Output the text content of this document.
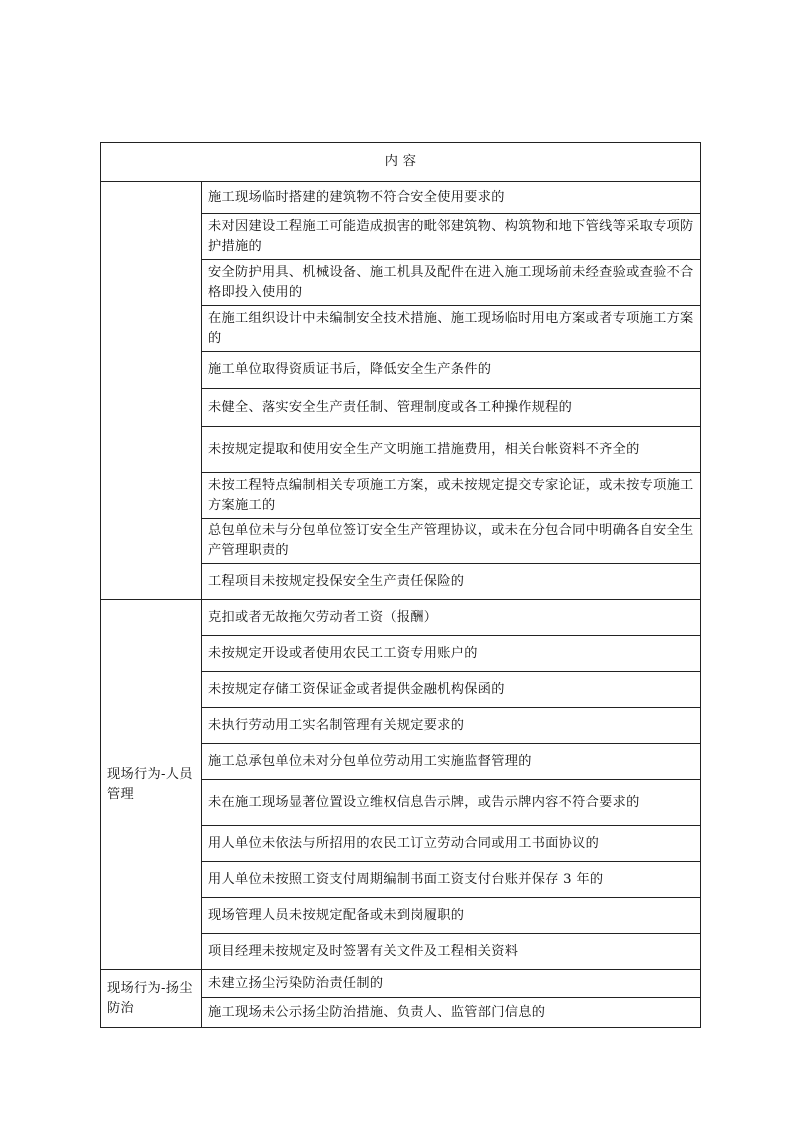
内 容	
	施工现场临时搭建的建筑物不符合安全使用要求的
	未对因建设工程施工可能造成损害的毗邻建筑物、构筑物和地下管线等采取专项防护措施的
	安全防护用具、机械设备、施工机具及配件在进入施工现场前未经查验或查验不合格即投入使用的
	在施工组织设计中未编制安全技术措施、施工现场临时用电方案或者专项施工方案的
	施工单位取得资质证书后，降低安全生产条件的
	未健全、落实安全生产责任制、管理制度或各工种操作规程的
	未按规定提取和使用安全生产文明施工措施费用，相关台帐资料不齐全的
	未按工程特点编制相关专项施工方案，或未按规定提交专家论证，或未按专项施工方案施工的
	总包单位未与分包单位签订安全生产管理协议，或未在分包合同中明确各自安全生产管理职责的
	工程项目未按规定投保安全生产责任保险的
现场行为-人员管理	克扣或者无故拖欠劳动者工资（报酬）
	未按规定开设或者使用农民工工资专用账户的
	未按规定存储工资保证金或者提供金融机构保函的
	未执行劳动用工实名制管理有关规定要求的
	施工总承包单位未对分包单位劳动用工实施监督管理的
	未在施工现场显著位置设立维权信息告示牌，或告示牌内容不符合要求的
	用人单位未依法与所招用的农民工订立劳动合同或用工书面协议的
	用人单位未按照工资支付周期编制书面工资支付台账并保存 3 年的
	现场管理人员未按规定配备或未到岗履职的
	项目经理未按规定及时签署有关文件及工程相关资料
现场行为-扬尘防治	未建立扬尘污染防治责任制的
	施工现场未公示扬尘防治措施、负责人、监管部门信息的
